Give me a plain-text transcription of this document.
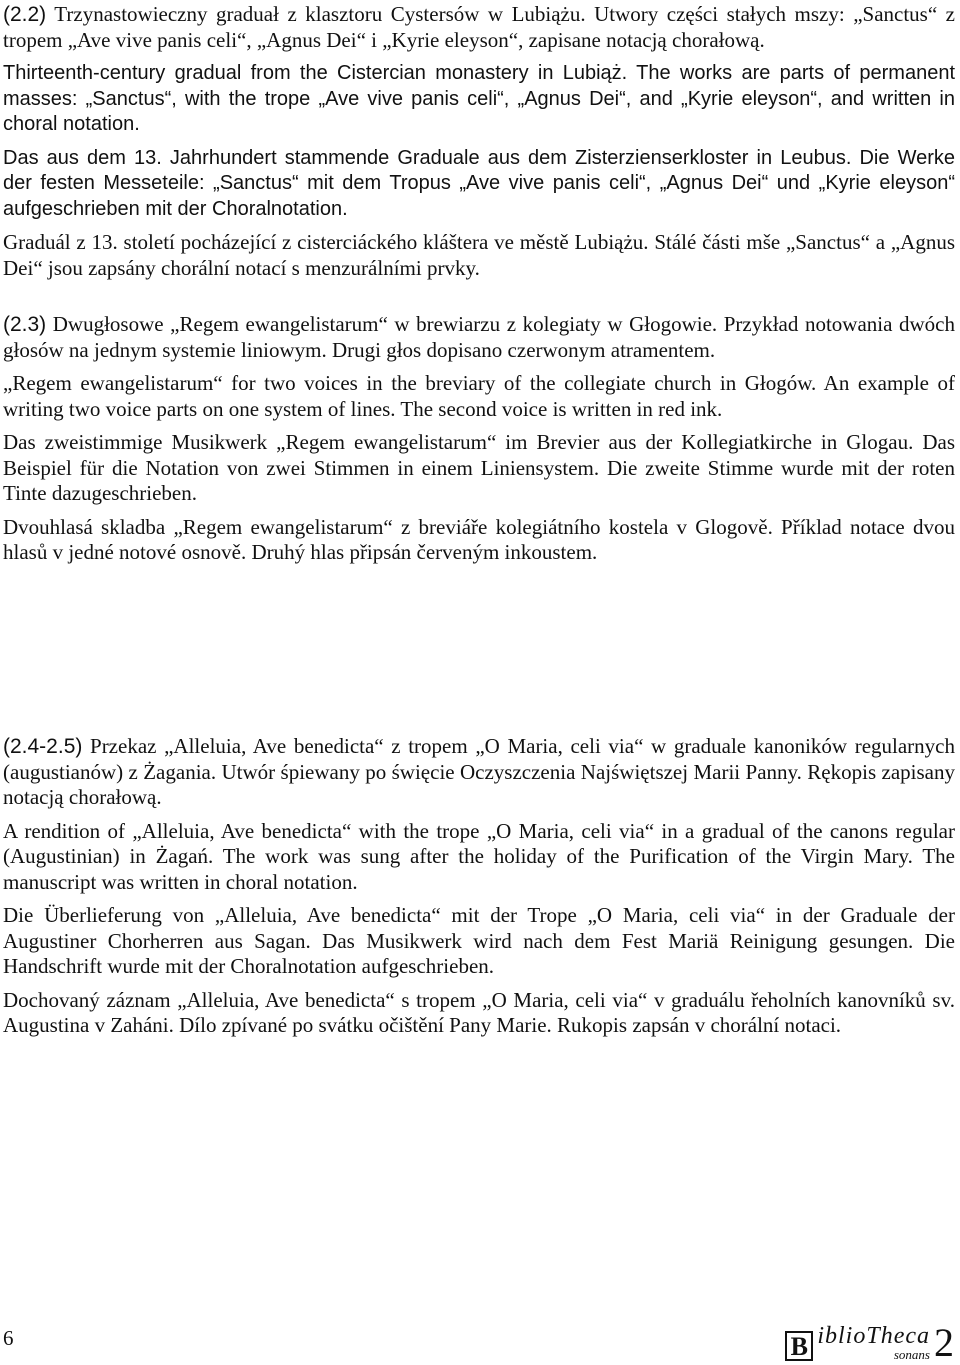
(2.2) Trzynastowieczny graduał z klasztoru Cystersów w Lubiążu. Utwory części stałych mszy: „Sanctus“ z tropem „Ave vive panis celi“, „Agnus Dei“ i „Kyrie eleyson“, zapisane notacją chorałową.

Thirteenth-century gradual from the Cistercian monastery in Lubiąż. The works are parts of permanent masses: „Sanctus“, with the trope „Ave vive panis celi“, „Agnus Dei“, and „Kyrie eleyson“, and written in choral notation.

Das aus dem 13. Jahrhundert stammende Graduale aus dem Zisterzienserkloster in Leubus. Die Werke der festen Messeteile: „Sanctus“ mit dem Tropus „Ave vive panis celi“, „Agnus Dei“ und „Kyrie eleyson“ aufgeschrieben mit der Choralnotation.

Graduál z 13. století pocházející z cisterciáckého kláštera ve městě Lubiążu. Stálé části mše „Sanctus“ a „Agnus Dei“ jsou zapsány chorální notací s menzurálními prvky.

(2.3) Dwugłosowe „Regem ewangelistarum“ w brewiarzu z kolegiaty w Głogowie. Przykład notowania dwóch głosów na jednym systemie liniowym. Drugi głos dopisano czerwonym atramentem.

„Regem ewangelistarum“ for two voices in the breviary of the collegiate church in Głogów. An example of writing two voice parts on one system of lines. The second voice is written in red ink.

Das zweistimmige Musikwerk „Regem ewangelistarum“ im Brevier aus der Kollegiatkirche in Glogau. Das Beispiel für die Notation von zwei Stimmen in einem Liniensystem. Die zweite Stimme wurde mit der roten Tinte dazugeschrieben.

Dvouhlasá skladba „Regem ewangelistarum“ z breviáře kolegiátního kostela v Glogově. Příklad notace dvou hlasů v jedné notové osnově. Druhý hlas připsán červeným inkoustem.

(2.4-2.5) Przekaz „Alleluia, Ave benedicta“ z tropem „O Maria, celi via“ w graduale kanoników regularnych (augustianów) z Żagania. Utwór śpiewany po święcie Oczyszczenia Najświętszej Marii Panny. Rękopis zapisany notacją chorałową.

A rendition of „Alleluia, Ave benedicta“ with the trope „O Maria, celi via“ in a gradual of the canons regular (Augustinian) in Żagań. The work was sung after the holiday of the Purification of the Virgin Mary. The manuscript was written in choral notation.

Die Überlieferung von „Alleluia, Ave benedicta“ mit der Trope „O Maria, celi via“ in der Graduale der Augustiner Chorherren aus Sagan. Das Musikwerk wird nach dem Fest Mariä Reinigung gesungen. Die Handschrift wurde mit der Choralnotation aufgeschrieben.

Dochovaný záznam „Alleluia, Ave benedicta“ s tropem „O Maria, celi via“ v graduálu řeholních kanovníků sv. Augustina v Zaháni. Dílo zpívané po svátku očištění Pany Marie. Rukopis zapsán v chorální notaci.

6	B iblioTheca
sonans 2
